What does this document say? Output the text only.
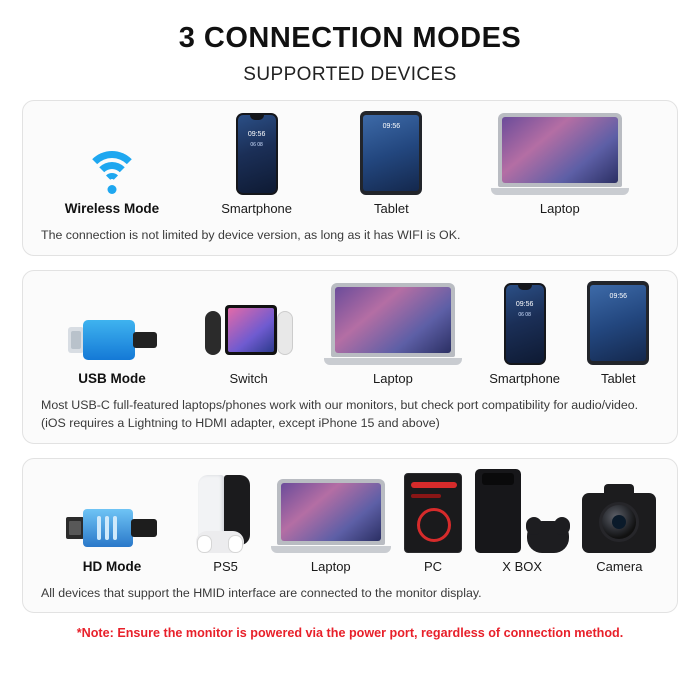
3 CONNECTION MODES
SUPPORTED DEVICES
Wireless Mode
09:56
06 08
Smartphone
09:56
Tablet	Laptop
The connection is not limited by device version, as long as it has WIFI is OK.
USB Mode	Switch	Laptop
09:56
06 08
Smartphone
09:56
Tablet
Most USB-C full-featured laptops/phones work with our monitors, but check port compatibility for audio/video. (iOS requires a Lightning to HDMI adapter, except iPhone 15 and above)
HD Mode	PS5	Laptop	PC	X BOX	Camera
All devices that support the HMID interface are connected to the monitor display.
*Note: Ensure the monitor is powered via the power port, regardless of connection method.
